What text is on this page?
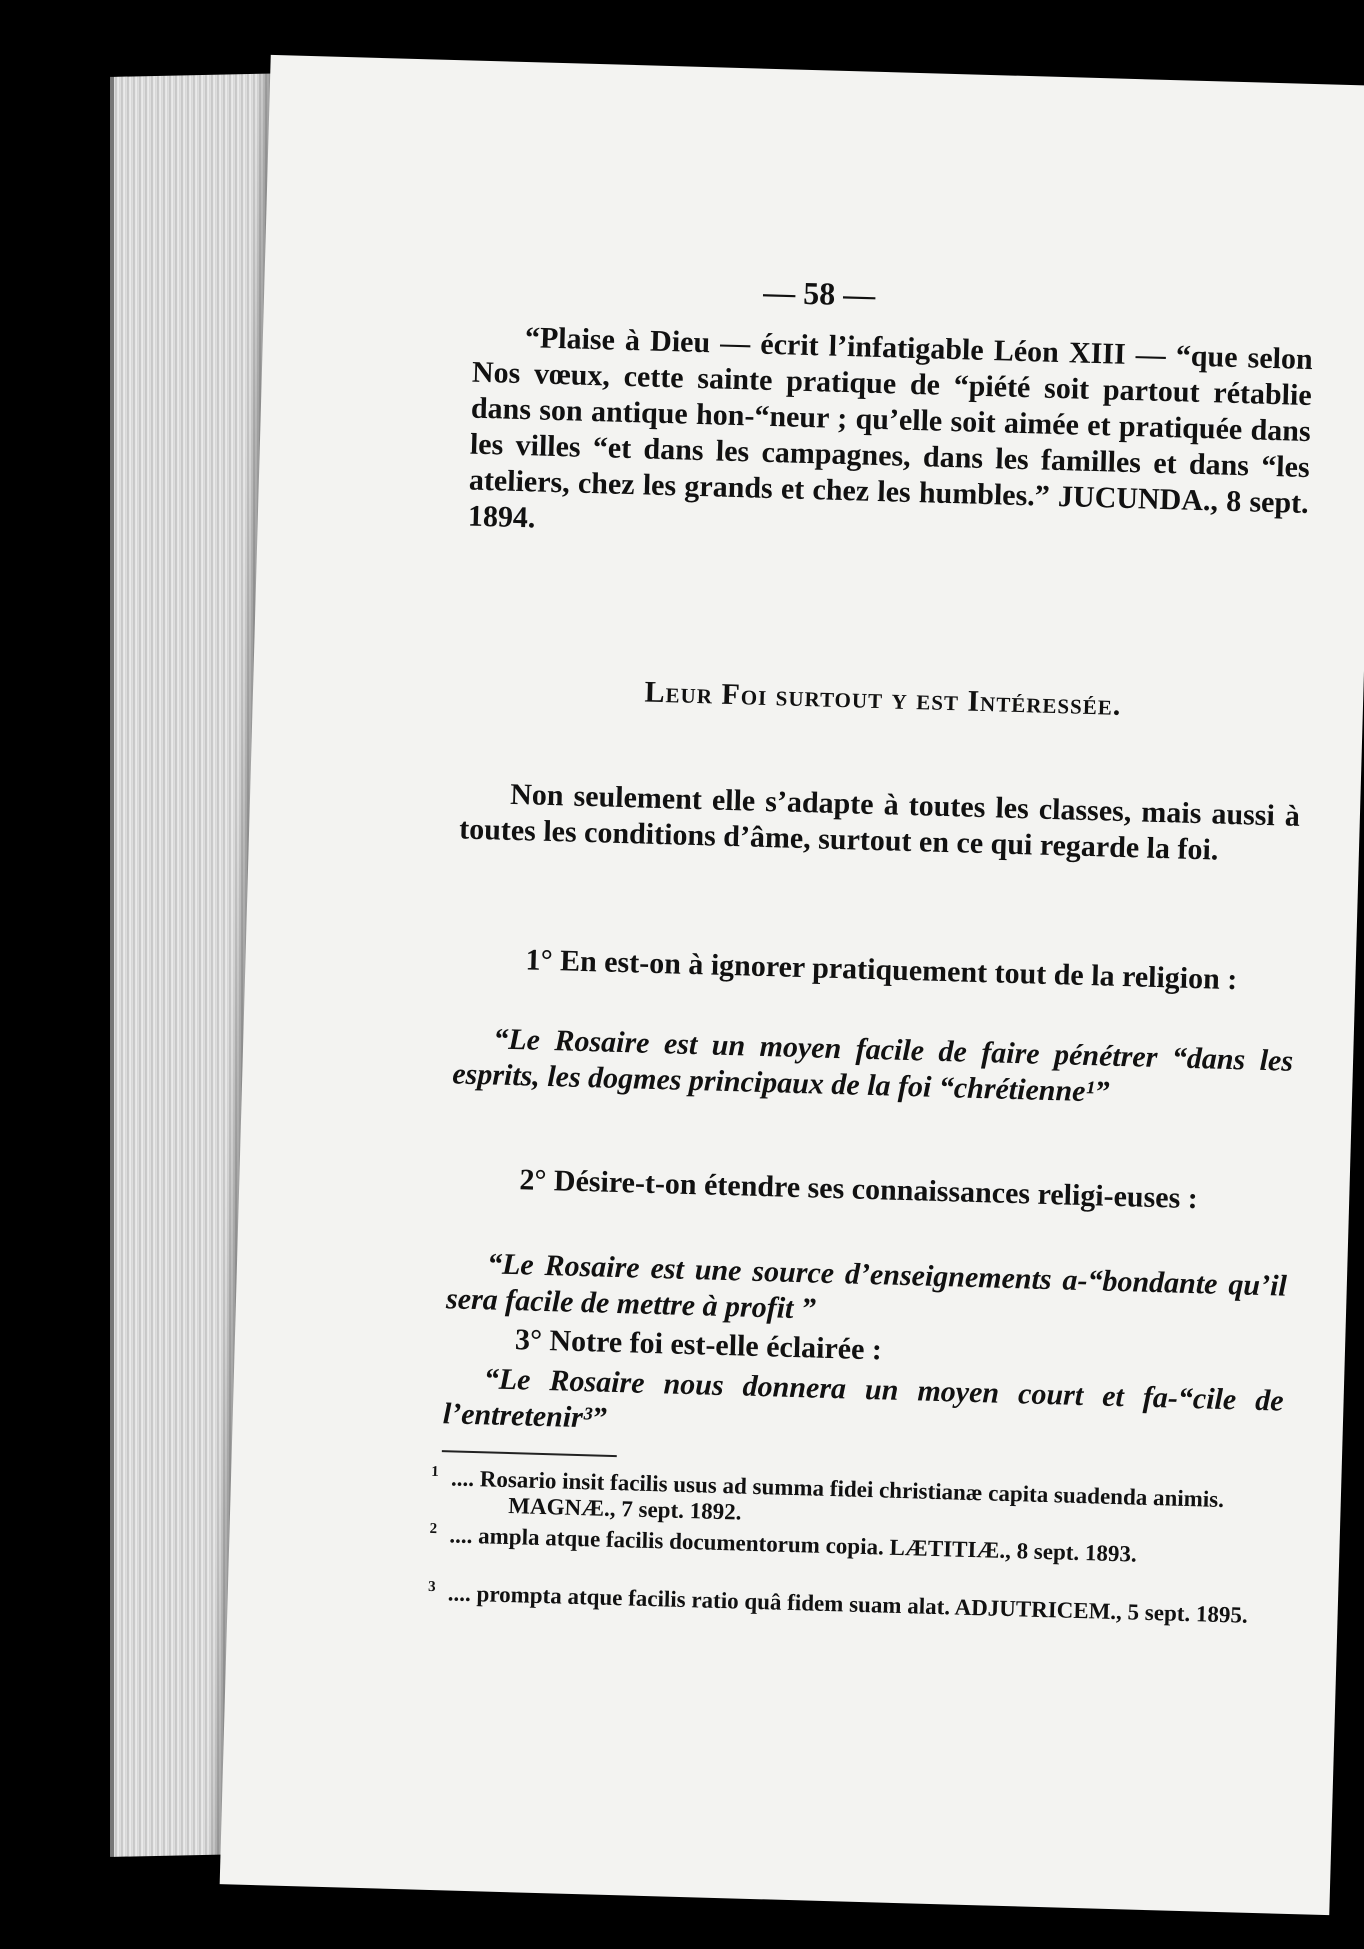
— 58 —
“Plaise à Dieu — écrit l’infatigable Léon XIII — “que selon Nos vœux, cette sainte pratique de “piété soit partout rétablie dans son antique hon-“neur ; qu’elle soit aimée et pratiquée dans les villes “et dans les campagnes, dans les familles et dans “les ateliers, chez les grands et chez les humbles.” JUCUNDA., 8 sept. 1894.
Leur Foi surtout y est Intéressée.
Non seulement elle s’adapte à toutes les classes, mais aussi à toutes les conditions d’âme, surtout en ce qui regarde la foi.
1° En est-on à ignorer pratiquement tout de la religion :
“Le Rosaire est un moyen facile de faire pénétrer “dans les esprits, les dogmes principaux de la foi “chrétienne¹”
2° Désire-t-on étendre ses connaissances religi-euses :
“Le Rosaire est une source d’enseignements a-“bondante qu’il sera facile de mettre à profit ”
3° Notre foi est-elle éclairée :
“Le Rosaire nous donnera un moyen court et fa-“cile de l’entretenir³”
1 .... Rosario insit facilis usus ad summa fidei christianæ capita suadenda animis. MAGNÆ., 7 sept. 1892.
2 .... ampla atque facilis documentorum copia. LÆTITIÆ., 8 sept. 1893.
3 .... prompta atque facilis ratio quâ fidem suam alat. ADJUTRICEM., 5 sept. 1895.
